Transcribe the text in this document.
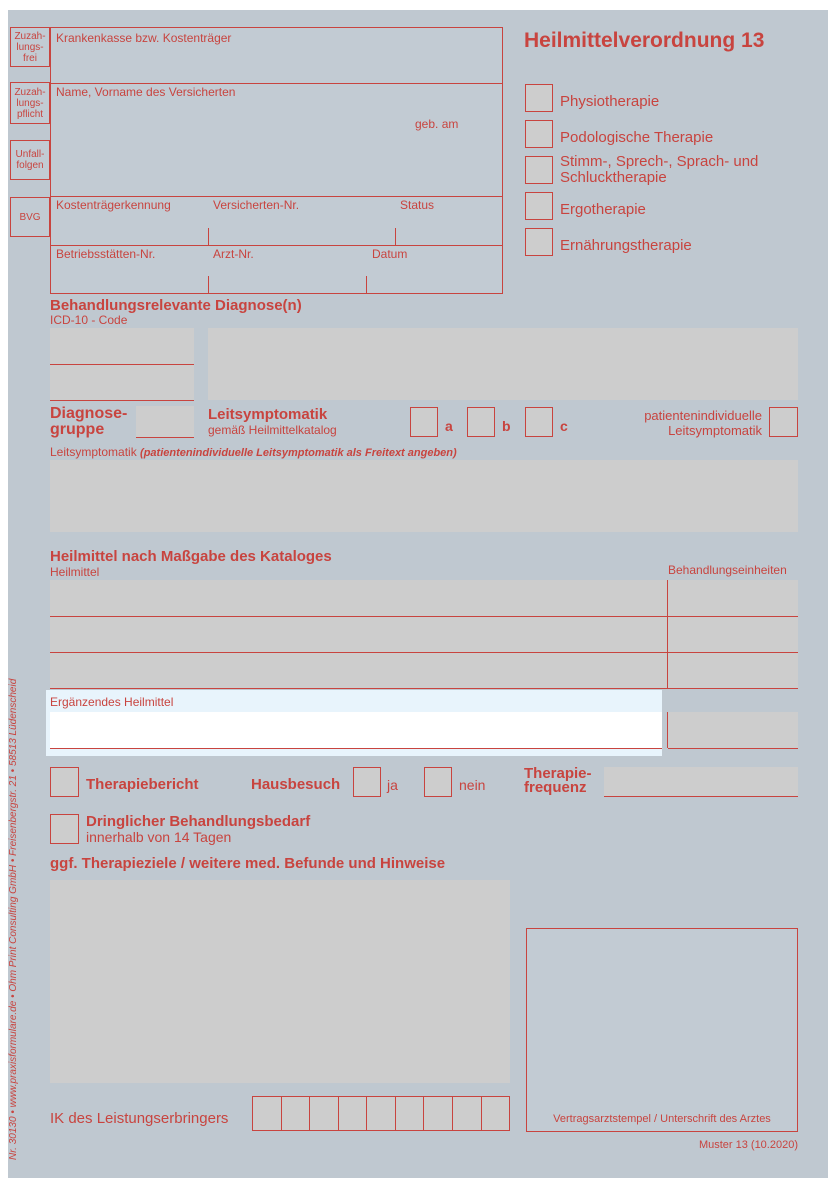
Zuzah-
lungs-
frei
Zuzah-
lungs-
pflicht
Unfall-
folgen
BVG
Krankenkasse bzw. Kostenträger
Name, Vorname des Versicherten
geb. am
Kostenträgerkennung	Versicherten-Nr.	Status
Betriebsstätten-Nr.	Arzt-Nr.	Datum
Heilmittelverordnung 13
Physiotherapie
Podologische Therapie
Stimm-, Sprech-, Sprach- und Schlucktherapie
Ergotherapie
Ernährungstherapie
Behandlungsrelevante Diagnose(n)
ICD-10 - Code
Diagnose-
gruppe
Leitsymptomatik
gemäß Heilmittelkatalog	a	b	c
patientenindividuelle
Leitsymptomatik
Leitsymptomatik (patientenindividuelle Leitsymptomatik als Freitext angeben)
Heilmittel nach Maßgabe des Kataloges
Heilmittel	Behandlungseinheiten
Ergänzendes Heilmittel
Therapiebericht	Hausbesuch	ja	nein
Therapie-
frequenz
Dringlicher Behandlungsbedarf
innerhalb von 14 Tagen
ggf. Therapieziele / weitere med. Befunde und Hinweise
Vertragsarztstempel / Unterschrift des Arztes
IK des Leistungserbringers
Muster 13 (10.2020)
Nr. 30130 • www.praxisformulare.de • Ohm Print Consulting GmbH • Freisenbergstr. 21 • 58513 Lüdenscheid
